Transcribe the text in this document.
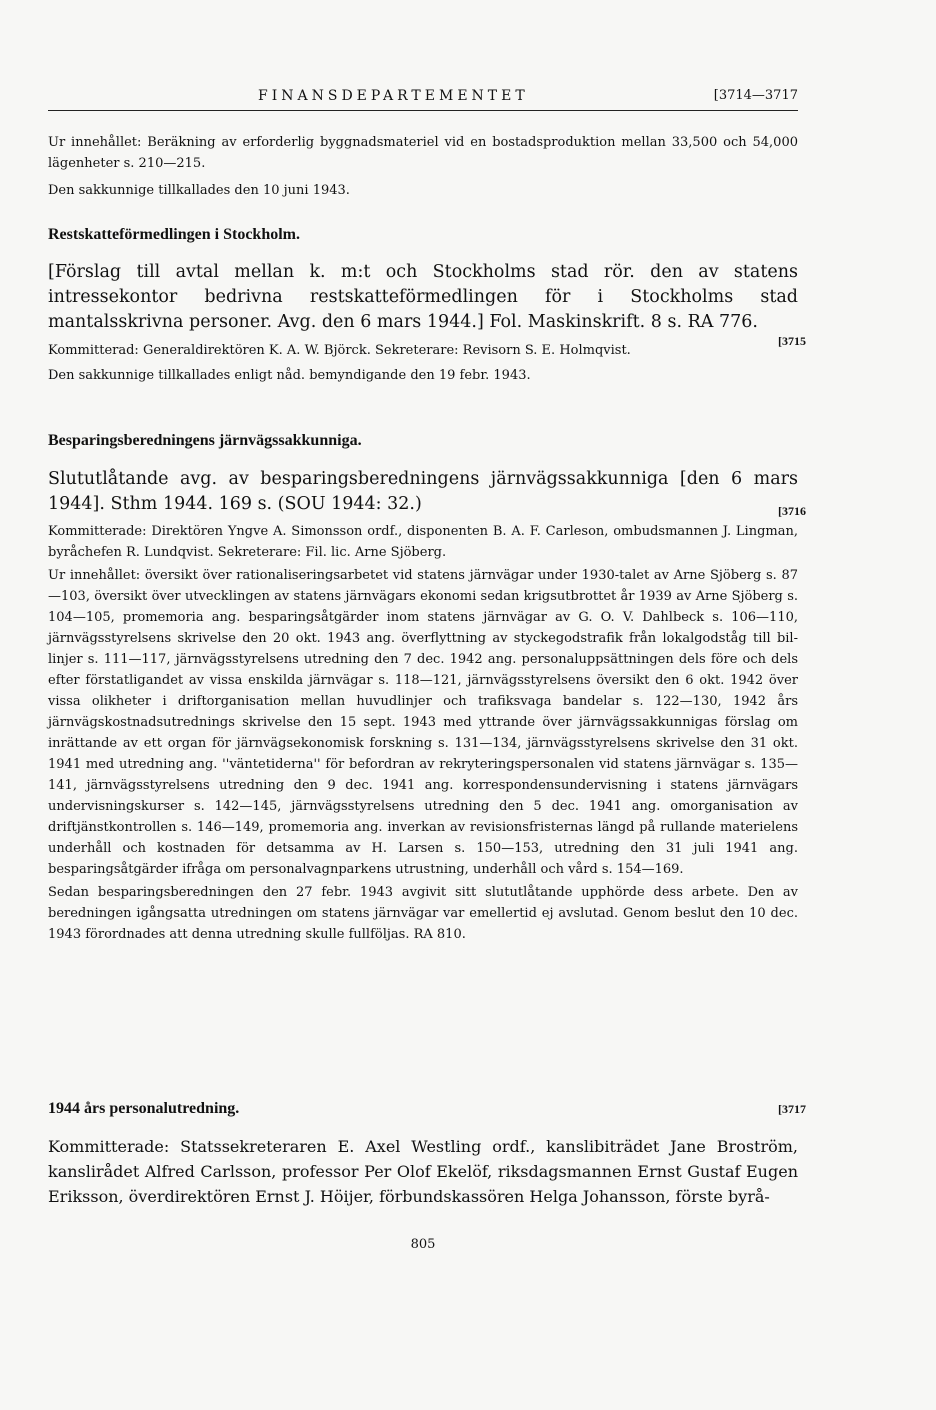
FINANSDEPARTEMENTET	[3714—3717

Ur innehållet: Beräkning av erforderlig byggnadsmateriel vid en bostadsproduktion mellan 33,500 och 54,000 lägenheter s. 210—215.

Den sakkunnige tillkallades den 10 juni 1943.

Restskatteförmedlingen i Stockholm.

[Förslag till avtal mellan k. m:t och Stockholms stad rör. den av statens intressekontor bedrivna restskatteförmedlingen för i Stockholms stad mantalsskrivna personer. Avg. den 6 mars 1944.] Fol. Maskinskrift. 8 s. RA 776.

[3715

Kommitterad: Generaldirektören K. A. W. Björck. Sekreterare: Revisorn S. E. Holmqvist.

Den sakkunnige tillkallades enligt nåd. bemyndigande den 19 febr. 1943.

Besparingsberedningens järnvägssakkunniga.

Slututlåtande avg. av besparingsberedningens järnvägssakkunniga [den 6 mars 1944]. Sthm 1944. 169 s. (SOU 1944: 32.)	[3716

Kommitterade: Direktören Yngve A. Simonsson ordf., disponenten B. A. F. Carleson, ombudsmannen J. Lingman, byråchefen R. Lundqvist. Sekreterare: Fil. lic. Arne Sjöberg.

Ur innehållet: översikt över rationaliseringsarbetet vid statens järnvägar under 1930-talet av Arne Sjöberg s. 87—103, översikt över utvecklingen av statens järnvägars ekonomi sedan krigsutbrottet år 1939 av Arne Sjöberg s. 104—105, promemoria ang. besparingsåtgärder inom statens järnvägar av G. O. V. Dahlbeck s. 106—110, järnvägsstyrelsens skrivelse den 20 okt. 1943 ang. överflyttning av styckegodstrafik från lokalgodståg till bil-linjer s. 111—117, järnvägsstyrelsens utredning den 7 dec. 1942 ang. personaluppsättningen dels före och dels efter förstatligandet av vissa enskilda järnvägar s. 118—121, järnvägsstyrelsens översikt den 6 okt. 1942 över vissa olikheter i driftorganisation mellan huvudlinjer och trafiksvaga bandelar s. 122—130, 1942 års järnvägskostnadsutrednings skrivelse den 15 sept. 1943 med yttrande över järnvägssakkunnigas förslag om inrättande av ett organ för järnvägsekonomisk forskning s. 131—134, järnvägsstyrelsens skrivelse den 31 okt. 1941 med utredning ang. ''väntetiderna'' för befordran av rekryteringspersonalen vid statens järnvägar s. 135—141, järnvägsstyrelsens utredning den 9 dec. 1941 ang. korrespondensundervisning i statens järnvägars undervisningskurser s. 142—145, järnvägsstyrelsens utredning den 5 dec. 1941 ang. omorganisation av driftjänstkontrollen s. 146—149, promemoria ang. inverkan av revisionsfristernas längd på rullande materielens underhåll och kostnaden för detsamma av H. Larsen s. 150—153, utredning den 31 juli 1941 ang. besparingsåtgärder ifråga om personalvagnparkens utrustning, underhåll och vård s. 154—169.

Sedan besparingsberedningen den 27 febr. 1943 avgivit sitt slututlåtande upphörde dess arbete. Den av beredningen igångsatta utredningen om statens järnvägar var emellertid ej avslutad. Genom beslut den 10 dec. 1943 förordnades att denna utredning skulle fullföljas. RA 810.

1944 års personalutredning.	[3717

Kommitterade: Statssekreteraren E. Axel Westling ordf., kanslibiträdet Jane Broström, kanslirådet Alfred Carlsson, professor Per Olof Ekelöf, riksdagsmannen Ernst Gustaf Eugen Eriksson, överdirektören Ernst J. Höijer, förbundskassören Helga Johansson, förste byrå-

805
